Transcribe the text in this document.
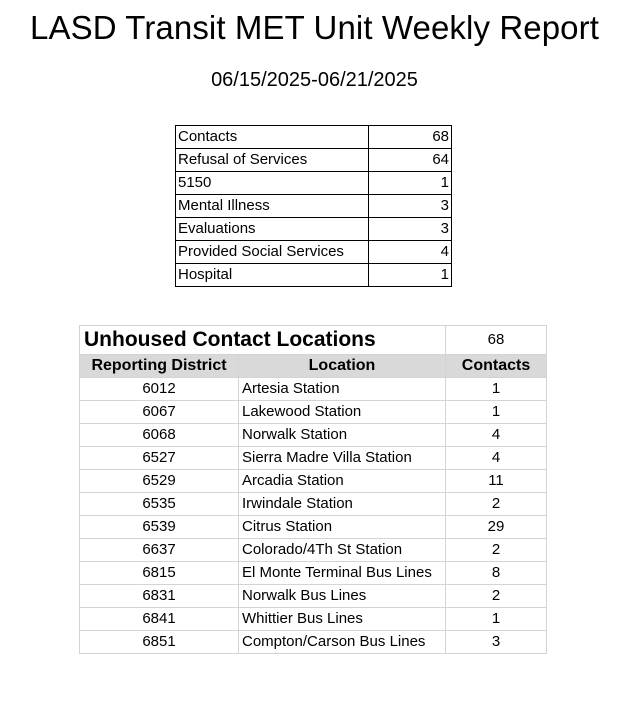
LASD Transit MET Unit Weekly Report
06/15/2025-06/21/2025
Contacts	68
Refusal of Services	64
5150	1
Mental Illness	3
Evaluations	3
Provided Social Services	4
Hospital	1
Unhoused Contact Locations		68
Reporting District	Location	Contacts
6012	Artesia Station	1
6067	Lakewood Station	1
6068	Norwalk Station	4
6527	Sierra Madre Villa Station	4
6529	Arcadia Station	11
6535	Irwindale Station	2
6539	Citrus Station	29
6637	Colorado/4Th St Station	2
6815	El Monte Terminal Bus Lines	8
6831	Norwalk Bus Lines	2
6841	Whittier Bus Lines	1
6851	Compton/Carson Bus Lines	3
